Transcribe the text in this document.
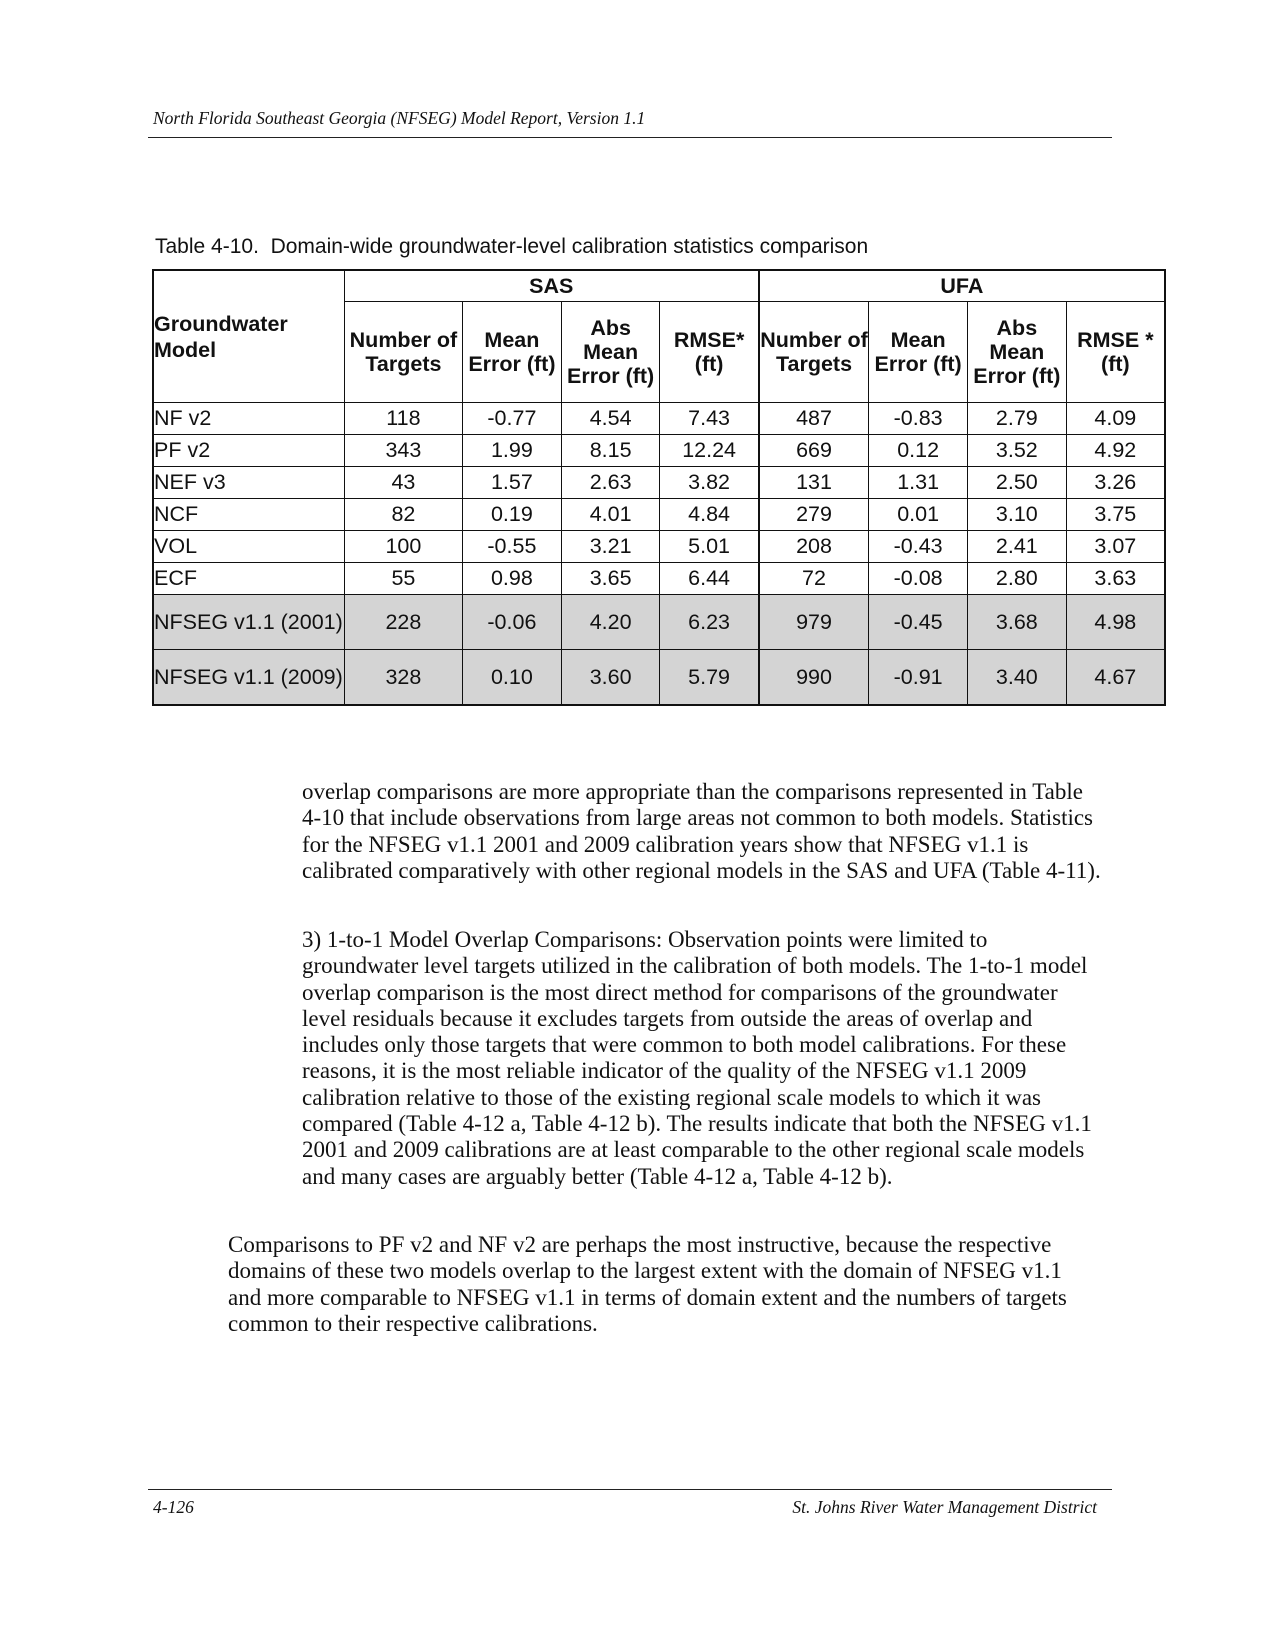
North Florida Southeast Georgia (NFSEG) Model Report, Version 1.1
Table 4-10.  Domain-wide groundwater-level calibration statistics comparison
Groundwater Model	SAS				UFA			
	Number of Targets	Mean Error (ft)	Abs Mean Error (ft)	RMSE* (ft)	Number of Targets	Mean Error (ft)	Abs Mean Error (ft)	RMSE * (ft)
NF v2	118	-0.77	4.54	7.43	487	-0.83	2.79	4.09
PF v2	343	1.99	8.15	12.24	669	0.12	3.52	4.92
NEF v3	43	1.57	2.63	3.82	131	1.31	2.50	3.26
NCF	82	0.19	4.01	4.84	279	0.01	3.10	3.75
VOL	100	-0.55	3.21	5.01	208	-0.43	2.41	3.07
ECF	55	0.98	3.65	6.44	72	-0.08	2.80	3.63
NFSEG v1.1 (2001)	228	-0.06	4.20	6.23	979	-0.45	3.68	4.98
NFSEG v1.1 (2009)	328	0.10	3.60	5.79	990	-0.91	3.40	4.67
overlap comparisons are more appropriate than the comparisons represented in Table 4-10 that include observations from large areas not common to both models. Statistics for the NFSEG v1.1 2001 and 2009 calibration years show that NFSEG v1.1 is calibrated comparatively with other regional models in the SAS and UFA (Table 4-11).
3) 1-to-1 Model Overlap Comparisons: Observation points were limited to groundwater level targets utilized in the calibration of both models. The 1-to-1 model overlap comparison is the most direct method for comparisons of the groundwater level residuals because it excludes targets from outside the areas of overlap and includes only those targets that were common to both model calibrations. For these reasons, it is the most reliable indicator of the quality of the NFSEG v1.1 2009 calibration relative to those of the existing regional scale models to which it was compared (Table 4-12 a, Table 4-12 b). The results indicate that both the NFSEG v1.1 2001 and 2009 calibrations are at least comparable to the other regional scale models and many cases are arguably better (Table 4-12 a, Table 4-12 b).
Comparisons to PF v2 and NF v2 are perhaps the most instructive, because the respective domains of these two models overlap to the largest extent with the domain of NFSEG v1.1 and more comparable to NFSEG v1.1 in terms of domain extent and the numbers of targets common to their respective calibrations.
4-126	St. Johns River Water Management District
